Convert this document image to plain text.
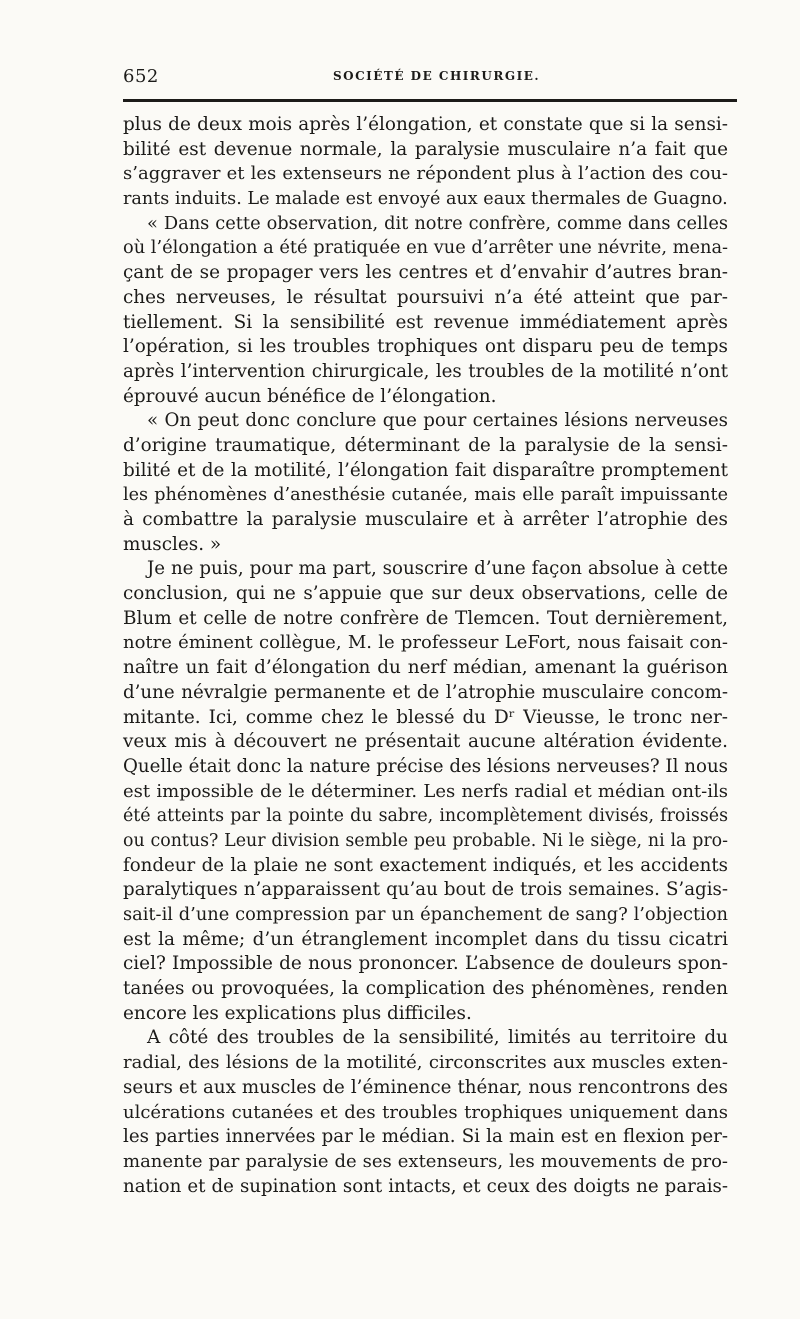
652	SOCIÉTÉ DE CHIRURGIE.
plus de deux mois après l’élongation, et constate que si la sensi-
bilité est devenue normale, la paralysie musculaire n’a fait que
s’aggraver et les extenseurs ne répondent plus à l’action des cou-
rants induits. Le malade est envoyé aux eaux thermales de Guagno.
« Dans cette observation, dit notre confrère, comme dans celles
où l’élongation a été pratiquée en vue d’arrêter une névrite, mena-
çant de se propager vers les centres et d’envahir d’autres bran-
ches nerveuses, le résultat poursuivi n’a été atteint que par-
tiellement. Si la sensibilité est revenue immédiatement après
l’opération, si les troubles trophiques ont disparu peu de temps
après l’intervention chirurgicale, les troubles de la motilité n’ont
éprouvé aucun bénéfice de l’élongation.
« On peut donc conclure que pour certaines lésions nerveuses
d’origine traumatique, déterminant de la paralysie de la sensi-
bilité et de la motilité, l’élongation fait disparaître promptement
les phénomènes d’anesthésie cutanée, mais elle paraît impuissante
à combattre la paralysie musculaire et à arrêter l’atrophie des
muscles. »
Je ne puis, pour ma part, souscrire d’une façon absolue à cette
conclusion, qui ne s’appuie que sur deux observations, celle de
Blum et celle de notre confrère de Tlemcen. Tout dernièrement,
notre éminent collègue, M. le professeur LeFort, nous faisait con-
naître un fait d’élongation du nerf médian, amenant la guérison
d’une névralgie permanente et de l’atrophie musculaire concom-
mitante. Ici, comme chez le blessé du Dʳ Vieusse, le tronc ner-
veux mis à découvert ne présentait aucune altération évidente.
Quelle était donc la nature précise des lésions nerveuses? Il nous
est impossible de le déterminer. Les nerfs radial et médian ont-ils
été atteints par la pointe du sabre, incomplètement divisés, froissés
ou contus? Leur division semble peu probable. Ni le siège, ni la pro-
fondeur de la plaie ne sont exactement indiqués, et les accidents
paralytiques n’apparaissent qu’au bout de trois semaines. S’agis-
sait-il d’une compression par un épanchement de sang? l’objection
est la même; d’un étranglement incomplet dans du tissu cicatri
ciel? Impossible de nous prononcer. L’absence de douleurs spon-
tanées ou provoquées, la complication des phénomènes, renden
encore les explications plus difficiles.
A côté des troubles de la sensibilité, limités au territoire du
radial, des lésions de la motilité, circonscrites aux muscles exten-
seurs et aux muscles de l’éminence thénar, nous rencontrons des
ulcérations cutanées et des troubles trophiques uniquement dans
les parties innervées par le médian. Si la main est en flexion per-
manente par paralysie de ses extenseurs, les mouvements de pro-
nation et de supination sont intacts, et ceux des doigts ne parais-
